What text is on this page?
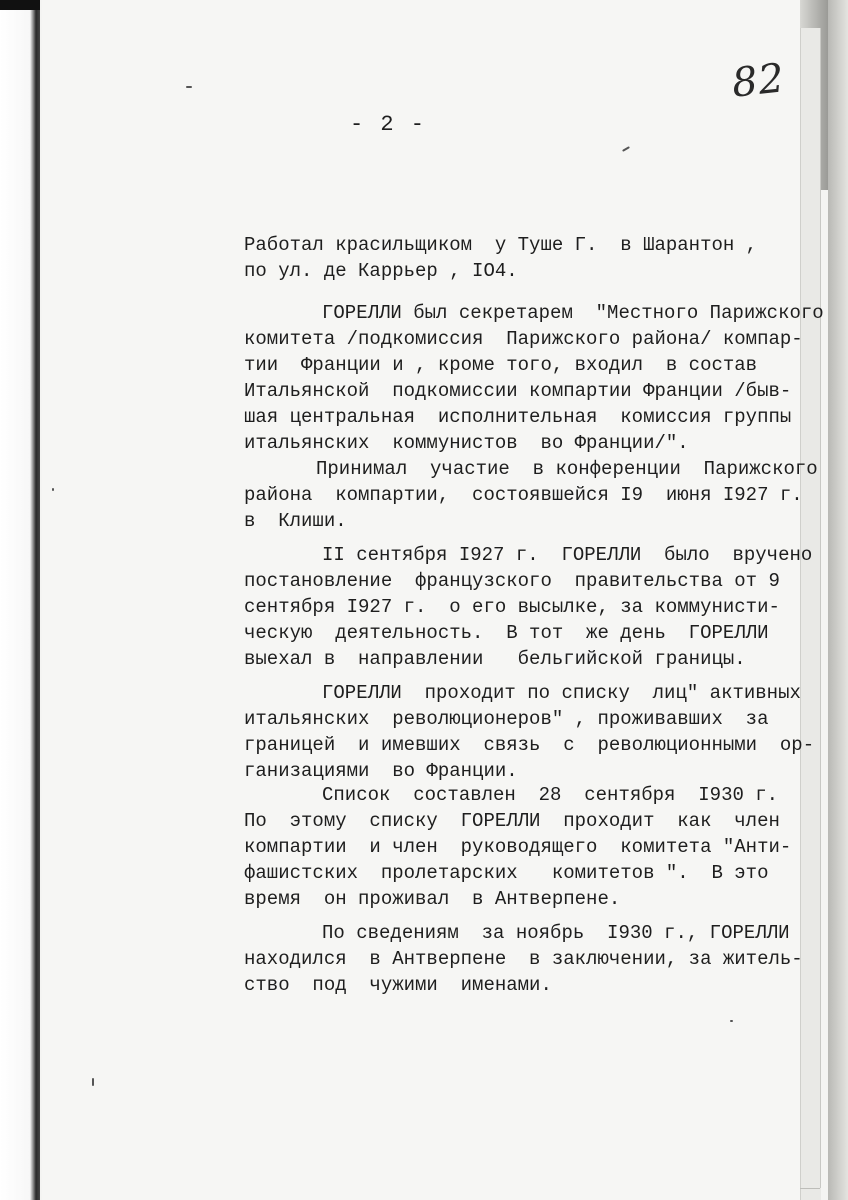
82
- 2 -
Работал красильщиком  у Туше Г.  в Шарантон ,
по ул. де Каррьер , IO4.
ГОРЕЛЛИ был секретарем  "Местного Парижского
комитета /подкомиссия  Парижского района/ компар-
тии  Франции и , кроме того, входил  в состав
Итальянской  подкомиссии компартии Франции /быв-
шая центральная  исполнительная  комиссия группы
итальянских  коммунистов  во Франции/".
Принимал  участие  в конференции  Парижского
района  компартии,  состоявшейся I9  июня I927 г.
в  Клиши.
II сентября I927 г.  ГОРЕЛЛИ  было  вручено
постановление  французского  правительства от 9
сентября I927 г.  о его высылке, за коммунисти-
ческую  деятельность.  В тот  же день  ГОРЕЛЛИ
выехал в  направлении   бельгийской границы.
ГОРЕЛЛИ  проходит по списку  лиц" активных
итальянских  революционеров" , проживавших  за
границей  и имевших  связь  с  революционными  ор-
ганизациями  во Франции.
Список  составлен  28  сентября  I930 г.
По  этому  списку  ГОРЕЛЛИ  проходит  как  член
компартии  и член  руководящего  комитета "Анти-
фашистских  пролетарских   комитетов ".  В это
время  он проживал  в Антверпене.
По сведениям  за ноябрь  I930 г., ГОРЕЛЛИ
находился  в Антверпене  в заключении, за житель-
ство  под  чужими  именами.
